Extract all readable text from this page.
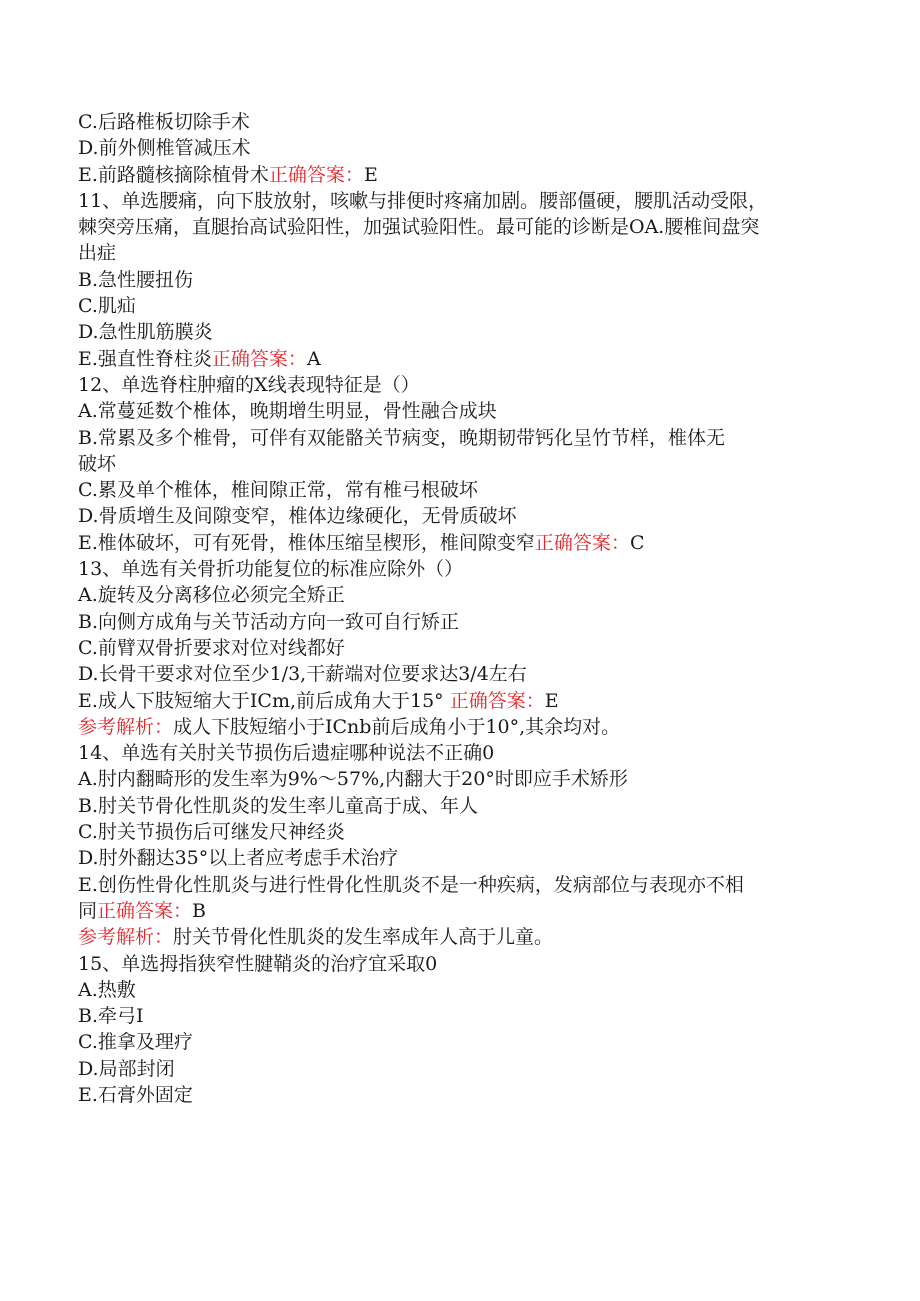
C.后路椎板切除手术

D.前外侧椎管减压术

E.前路髓核摘除植骨术正确答案：E

11、单选腰痛，向下肢放射，咳嗽与排便时疼痛加剧。腰部僵硬，腰肌活动受限，

棘突旁压痛，直腿抬高试验阳性，加强试验阳性。最可能的诊断是OA.腰椎间盘突

出症

B.急性腰扭伤

C.肌疝

D.急性肌筋膜炎

E.强直性脊柱炎正确答案：A

12、单选脊柱肿瘤的X线表现特征是（）

A.常蔓延数个椎体，晚期增生明显，骨性融合成块

B.常累及多个椎骨，可伴有双能骼关节病变，晚期韧带钙化呈竹节样，椎体无

破坏

C.累及单个椎体，椎间隙正常，常有椎弓根破坏

D.骨质增生及间隙变窄，椎体边缘硬化，无骨质破坏

E.椎体破坏，可有死骨，椎体压缩呈楔形，椎间隙变窄正确答案：C

13、单选有关骨折功能复位的标准应除外（）

A.旋转及分离移位必须完全矫正

B.向侧方成角与关节活动方向一致可自行矫正

C.前臂双骨折要求对位对线都好

D.长骨干要求对位至少1/3,干薪端对位要求达3/4左右

E.成人下肢短缩大于ICm,前后成角大于15° 正确答案：E

参考解析：成人下肢短缩小于ICnb前后成角小于10°,其余均对。

14、单选有关肘关节损伤后遗症哪种说法不正确0

A.肘内翻畸形的发生率为9%～57%,内翻大于20°时即应手术矫形

B.肘关节骨化性肌炎的发生率儿童高于成、年人

C.肘关节损伤后可继发尺神经炎

D.肘外翻达35°以上者应考虑手术治疗

E.创伤性骨化性肌炎与进行性骨化性肌炎不是一种疾病，发病部位与表现亦不相

同正确答案：B

参考解析：肘关节骨化性肌炎的发生率成年人高于儿童。

15、单选拇指狭窄性腱鞘炎的治疗宜采取0

A.热敷

B.牵弓I

C.推拿及理疗

D.局部封闭

E.石膏外固定
